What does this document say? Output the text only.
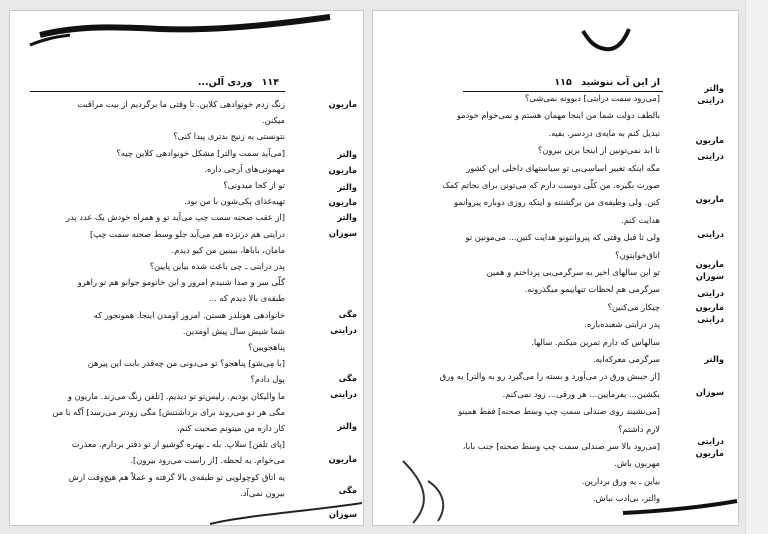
۱۱۴ وردی آلن...
زنگ زدم خونوادهی کلاین. تا وقتی ما برگردیم از بیت مراقبت
میکنن.
نتونستی به زنیج بدتری پیدا کنی؟
[می‌آید سمت والتر] مشکل خونوادهی کلاین چیه؟
مهمونی‌های آرجی داره.
تو از کجا میدونی؟
تهیه‌غذای پکی‌شون با من بود.
[از عقب صحنه سمت چپ می‌آید تو و همراه خودش یک عدد پدر
درایتی هم درنزده هم می‌آید جلو وسط صحنه سمت چپ]
مامان، باباها، ببینین من کیو دیدم.
پدر درایتی ـ چی باعث شده بیاین پایین؟
گلّی سر و صدا شنیدم امروز و این خانومو جوانو هم تو راهرو
طبقه‌ی بالا دیدم که ...
خانوادهی هونلدر هستن. امروز اومدن اینجا. همونجور که
شما شیش سال پیش اومدین.
پناهجویین؟
[با مِی‌شو] پناهجو؟ تو می‌دونی من چه‌قدر بابت این پیرهن
پول دادم؟
ما والیکان بودیم. رلیس‌تو تو دیدیم. [تلفن زنگ می‌زند. ماریون و
مگی هر دو می‌روند برای برداشتنش] مگی زودتر می‌رسد] آگه با من
کار داره من میتونم صحبت کنم.
[پای تلفن] سلاپ. بله ـ بهتره گوشیو از تو دفتر بردارم. معذرت
می‌خوام. یه لحظه. [از راست می‌رود بیرون].
یه اتاق کوچولویی تو طبقه‌ی بالا گرفته و عملاً هم هیچ‌وقت ازش
بیرون نمی‌آد.
ماریون
والتر
ماریون
والتر
ماریون
والتر
سوزان
مگی
درایتی
مگی
درایتی
والتر
ماریون
مگی
سوزان
از این آب ننوشید ۱۱۵
[می‌رود سمت درایتی] دیوونه نمی‌شی؟
بالطف دولت شما من اینجا مهمان هستم و نمی‌خوام خودمو
تبدیل کنم به مایه‌ی دردسر. بفیه.
تا ابد نمی‌تونین از اینجا برین بیرون؟
مگه اینکه تغییر اساسی‌یی تو سیاستهای داخلی این کشور
صورت بگیره. من کلّی دوست دارم که می‌تونن برای نجاتم کمک
کنن. ولی وظیفه‌ی من برگشتنه و اینکه روزی دوباره پیروانمو
هدایت کنم.
ولی تا قبل وقتی که پیروانتونو هدایت کنین... می‌مونین تو
اتاق‌خوابتون؟
تو این سالهای اخیر به سرگرمی‌یی پرداختم و همین
سرگرمی هم لحظات تنهاییمو میگذرونه.
چیکار می‌کنین؟
پدر درایتی شعبده‌بازه.
سالهاس که دارم تمرین میکنم. سالها.
سرگرمی معرکه‌ایه.
[از جیبش ورق در می‌آورد و بسته را می‌گیرد رو به والتر] یه ورق
بکشین... بفرمایین... هر ورقی... زود نمی‌کنم.
[می‌نشیند روی صندلی سمتِ چپ وسط صحنه] فقط همینو
لازم داشتم؟
[می‌رود بالا سر صندلی سمت چپ وسط صحنه] جنب بابا،
مهربون باش.
بیاین ـ یه ورق بردارین.
والتر، بی‌ادب نباش.
والتر
درایتی
ماریون
درایتی
ماریون
درایتی
ماریون
سوزان
درایتی
ماریون
درایتی
والتر
سوزان
درایتی
ماریون
